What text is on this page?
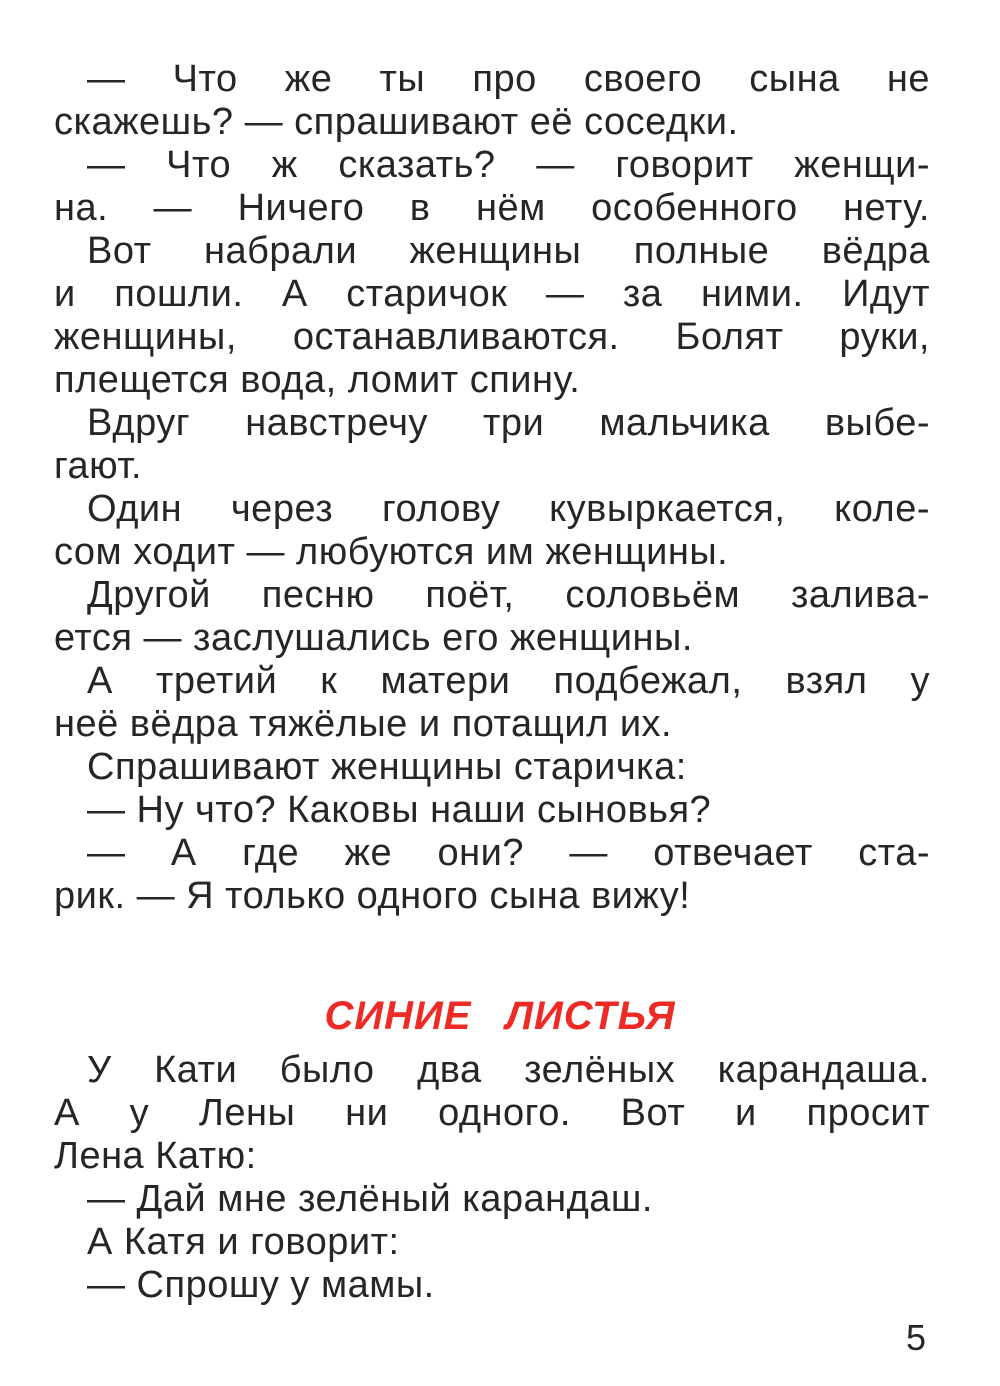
— Что же ты про своего сына не
скажешь? — спрашивают её соседки.
— Что ж сказать? — говорит женщи-
на. — Ничего в нём особенного нету.
Вот набрали женщины полные вёдра
и пошли. А старичок — за ними. Идут
женщины, останавливаются. Болят руки,
плещется вода, ломит спину.
Вдруг навстречу три мальчика выбе-
гают.
Один через голову кувыркается, коле-
сом ходит — любуются им женщины.
Другой песню поёт, соловьём залива-
ется — заслушались его женщины.
А третий к матери подбежал, взял у
неё вёдра тяжёлые и потащил их.
Спрашивают женщины старичка:
— Ну что? Каковы наши сыновья?
— А где же они? — отвечает ста-
рик. — Я только одного сына вижу!
СИНИЕ ЛИСТЬЯ
У Кати было два зелёных карандаша.
А у Лены ни одного. Вот и просит
Лена Катю:
— Дай мне зелёный карандаш.
А Катя и говорит:
— Спрошу у мамы.
5
